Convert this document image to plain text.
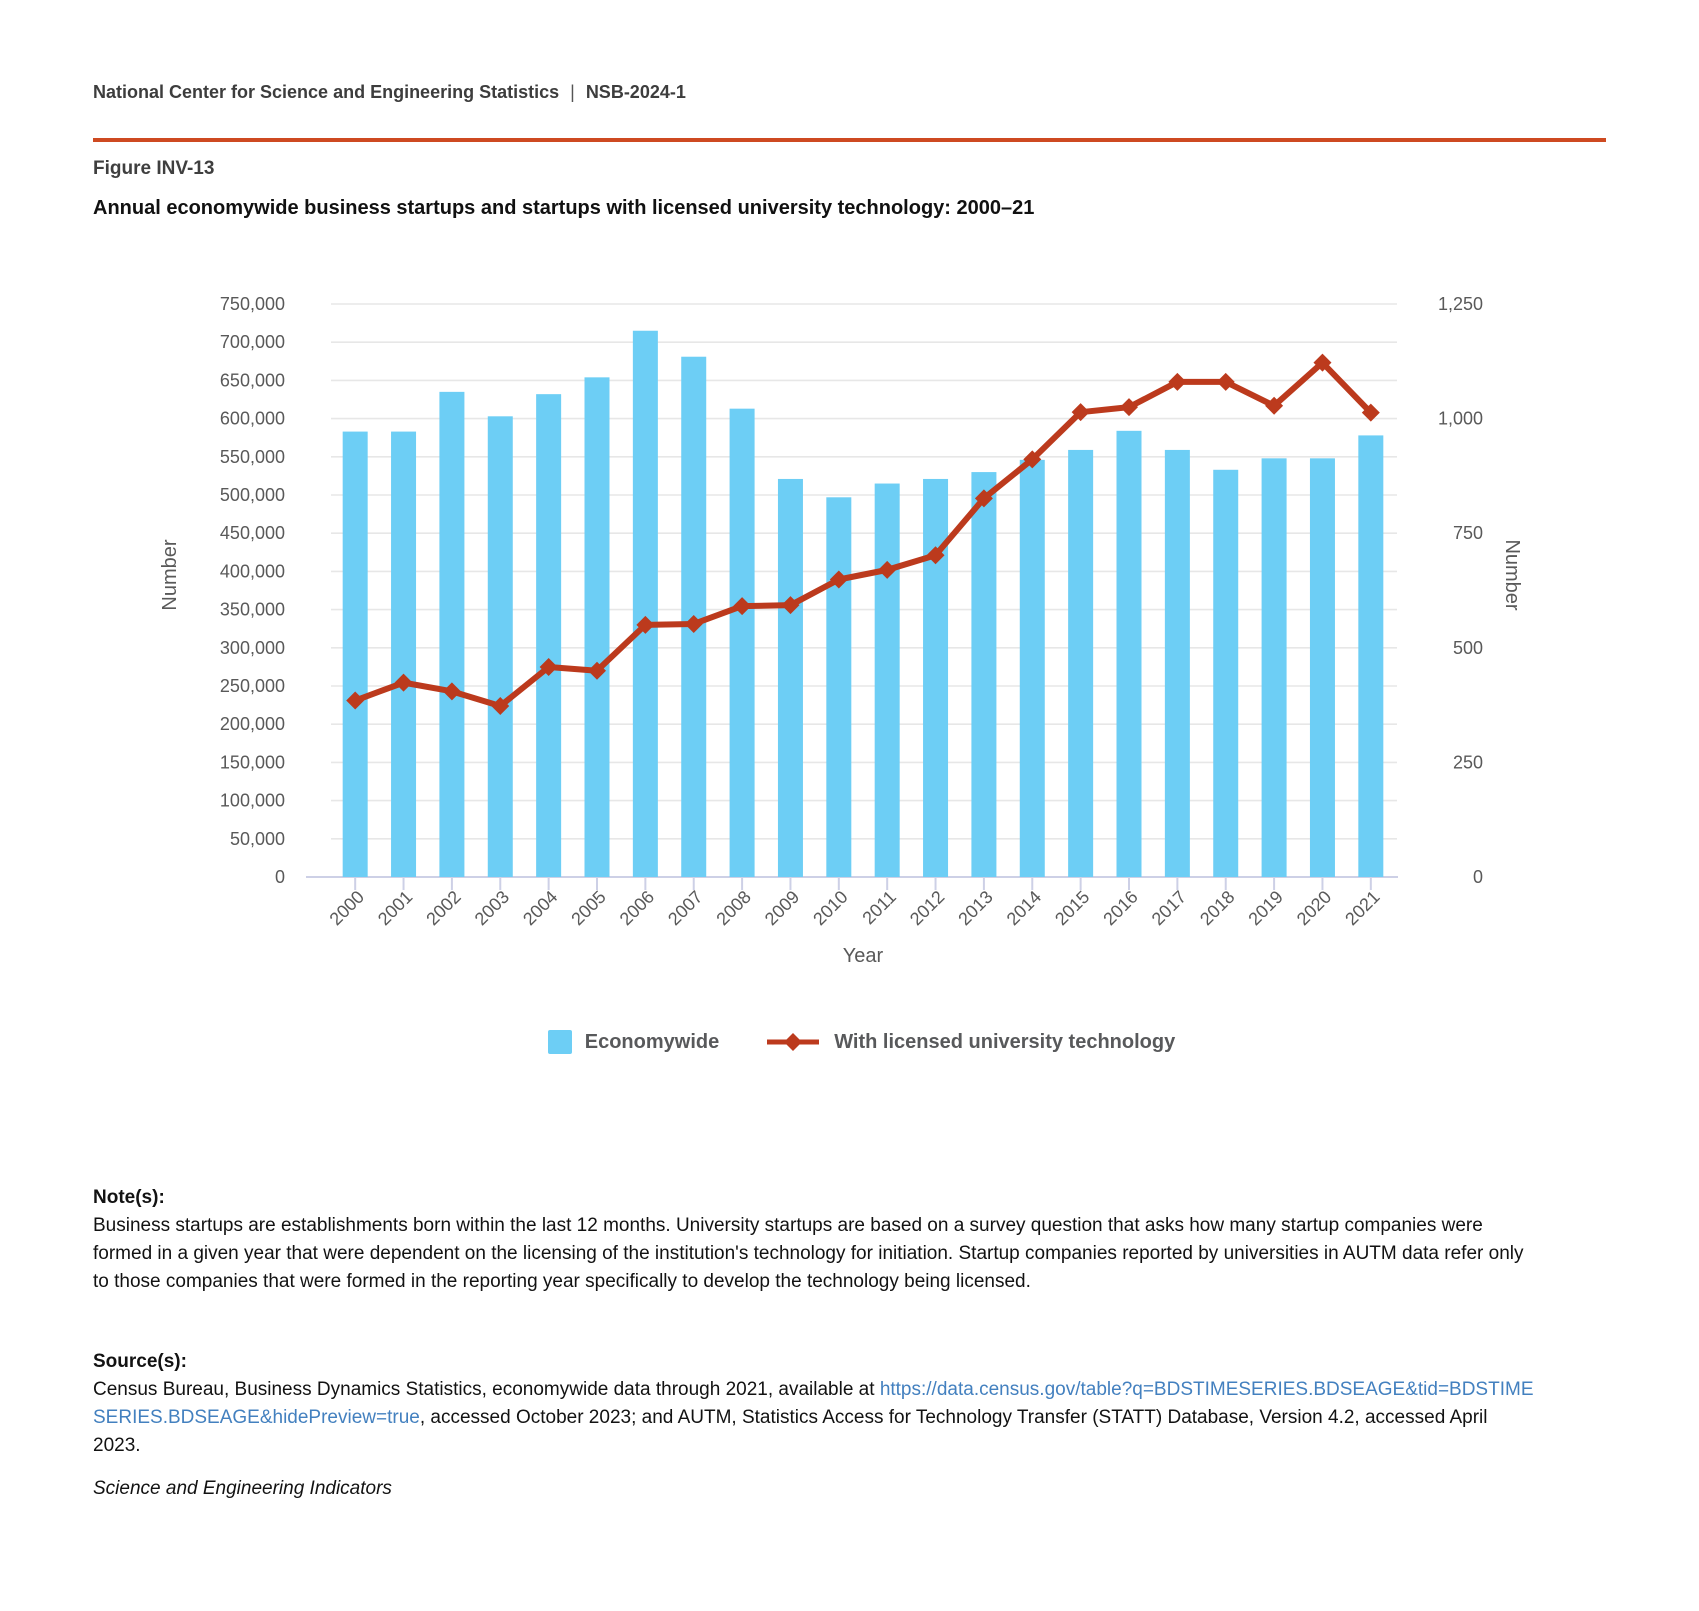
National Center for Science and Engineering Statistics | NSB-2024-1
Figure INV-13
Annual economywide business startups and startups with licensed university technology: 2000–21
0
50,000
100,000
150,000
200,000
250,000
300,000
350,000
400,000
450,000
500,000
550,000
600,000
650,000
700,000
750,000
0
250
500
750
1,000
1,250
2000 2001 2002 2003 2004 2005 2006 2007 2008 2009 2010 2011 2012 2013 2014 2015 2016 2017 2018 2019 2020 2021
Year
Number	Number
Economywide	With licensed university technology

Note(s):

Business startups are establishments born within the last 12 months. University startups are based on a survey question that asks how many startup companies were formed in a given year that were dependent on the licensing of the institution's technology for initiation. Startup companies reported by universities in AUTM data refer only to those companies that were formed in the reporting year specifically to develop the technology being licensed.

Source(s):

Census Bureau, Business Dynamics Statistics, economywide data through 2021, available at https://data.census.gov/table?q=BDSTIMESERIES.BDSEAGE&tid=BDSTIMESERIES.BDSEAGE&hidePreview=true, accessed October 2023; and AUTM, Statistics Access for Technology Transfer (STATT) Database, Version 4.2, accessed April 2023.

Science and Engineering Indicators
